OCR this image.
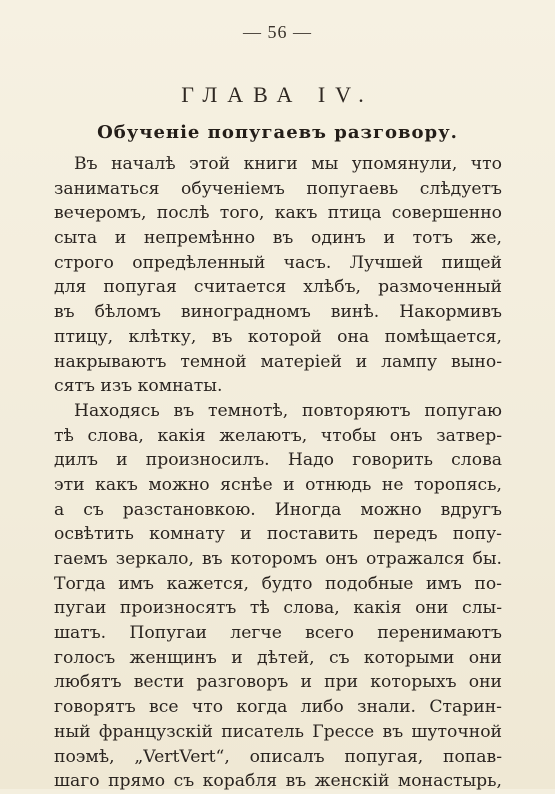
— 56 —
ГЛАВА IV.
Обученіе попугаевъ разговору.
Въ началѣ этой книги мы упомянули, что
заниматься обученіемъ попугаевь слѣдуетъ
вечеромъ, послѣ того, какъ птица совершенно
сыта и непремѣнно въ одинъ и тотъ же,
строго опредѣленный часъ. Лучшей пищей
для попугая считается хлѣбъ, размоченный
въ бѣломъ виноградномъ винѣ. Накормивъ
птицу, клѣтку, въ которой она помѣщается,
накрываютъ темной матеріей и лампу выно-
сятъ изъ комнаты.
Находясь въ темнотѣ, повторяютъ попугаю
тѣ слова, какія желаютъ, чтобы онъ затвер-
дилъ и произносилъ. Надо говорить слова
эти какъ можно яснѣе и отнюдь не торопясь,
а съ разстановкою. Иногда можно вдругъ
освѣтить комнату и поставить передъ попу-
гаемъ зеркало, въ которомъ онъ отражался бы.
Тогда имъ кажется, будто подобные имъ по-
пугаи произносятъ тѣ слова, какія они слы-
шатъ. Попугаи легче всего перенимаютъ
голосъ женщинъ и дѣтей, съ которыми они
любятъ вести разговоръ и при которыхъ они
говорятъ все что когда либо знали. Старин-
ный французскій писатель Грессе въ шуточной
поэмѣ, „VertVert“, описалъ попугая, попав-
шаго прямо съ корабля въ женскій монастырь,
